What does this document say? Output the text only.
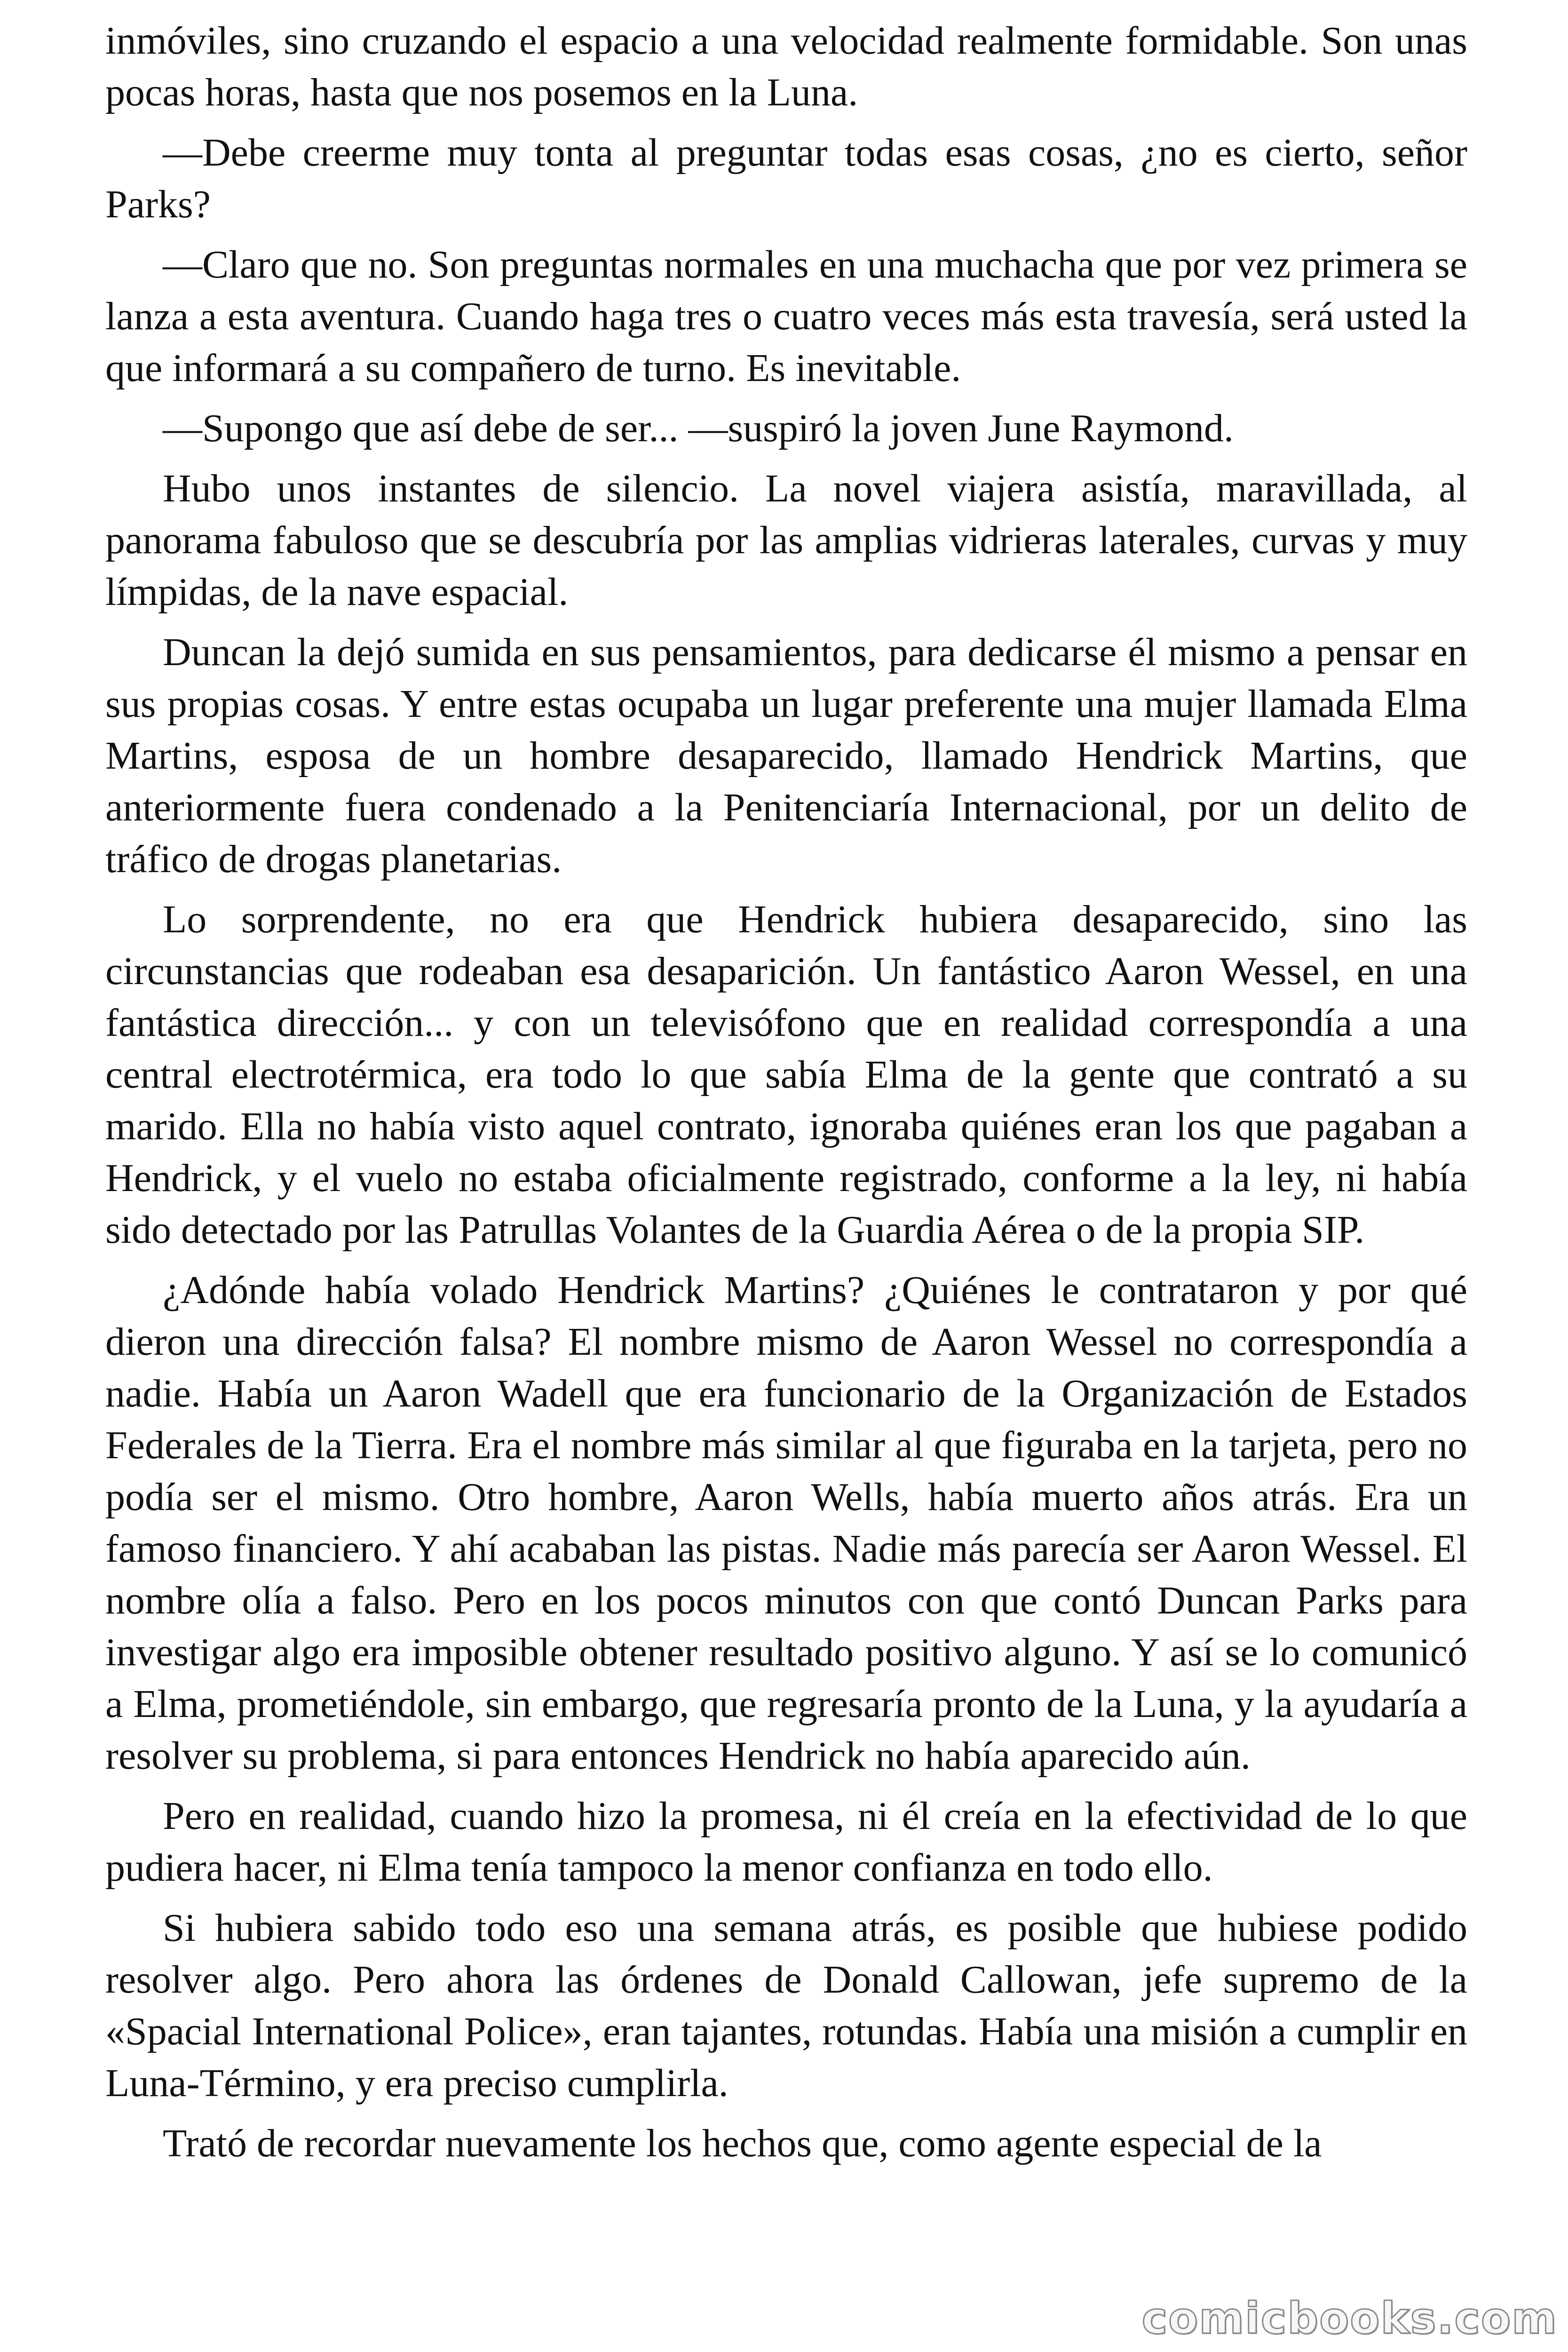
inmóviles, sino cruzando el espacio a una velocidad realmente formidable. Son unas pocas horas, hasta que nos posemos en la Luna.

—Debe creerme muy tonta al preguntar todas esas cosas, ¿no es cierto, señor Parks?

—Claro que no. Son preguntas normales en una muchacha que por vez primera se lanza a esta aventura. Cuando haga tres o cuatro veces más esta travesía, será usted la que informará a su compañero de turno. Es inevitable.

—Supongo que así debe de ser... —suspiró la joven June Raymond.

Hubo unos instantes de silencio. La novel viajera asistía, maravillada, al panorama fabuloso que se descubría por las amplias vidrieras laterales, curvas y muy límpidas, de la nave espacial.

Duncan la dejó sumida en sus pensamientos, para dedicarse él mismo a pensar en sus propias cosas. Y entre estas ocupaba un lugar preferente una mujer llamada Elma Martins, esposa de un hombre desaparecido, llamado Hendrick Martins, que anteriormente fuera condenado a la Penitenciaría Internacional, por un delito de tráfico de drogas planetarias.

Lo sorprendente, no era que Hendrick hubiera desaparecido, sino las circunstancias que rodeaban esa desaparición. Un fantástico Aaron Wessel, en una fantástica dirección... y con un televisófono que en realidad correspondía a una central electrotérmica, era todo lo que sabía Elma de la gente que contrató a su marido. Ella no había visto aquel contrato, ignoraba quiénes eran los que pagaban a Hendrick, y el vuelo no estaba oficialmente registrado, conforme a la ley, ni había sido detectado por las Patrullas Volantes de la Guardia Aérea o de la propia SIP.

¿Adónde había volado Hendrick Martins? ¿Quiénes le contrataron y por qué dieron una dirección falsa? El nombre mismo de Aaron Wessel no correspondía a nadie. Había un Aaron Wadell que era funcionario de la Organización de Estados Federales de la Tierra. Era el nombre más similar al que figuraba en la tarjeta, pero no podía ser el mismo. Otro hombre, Aaron Wells, había muerto años atrás. Era un famoso financiero. Y ahí acababan las pistas. Nadie más parecía ser Aaron Wessel. El nombre olía a falso. Pero en los pocos minutos con que contó Duncan Parks para investigar algo era imposible obtener resultado positivo alguno. Y así se lo comunicó a Elma, prometiéndole, sin embargo, que regresaría pronto de la Luna, y la ayudaría a resolver su problema, si para entonces Hendrick no había aparecido aún.

Pero en realidad, cuando hizo la promesa, ni él creía en la efectividad de lo que pudiera hacer, ni Elma tenía tampoco la menor confianza en todo ello.

Si hubiera sabido todo eso una semana atrás, es posible que hubiese podido resolver algo. Pero ahora las órdenes de Donald Callowan, jefe supremo de la «Spacial International Police», eran tajantes, rotundas. Había una misión a cumplir en Luna-Término, y era preciso cumplirla.

Trató de recordar nuevamente los hechos que, como agente especial de la

comicbooks.com
